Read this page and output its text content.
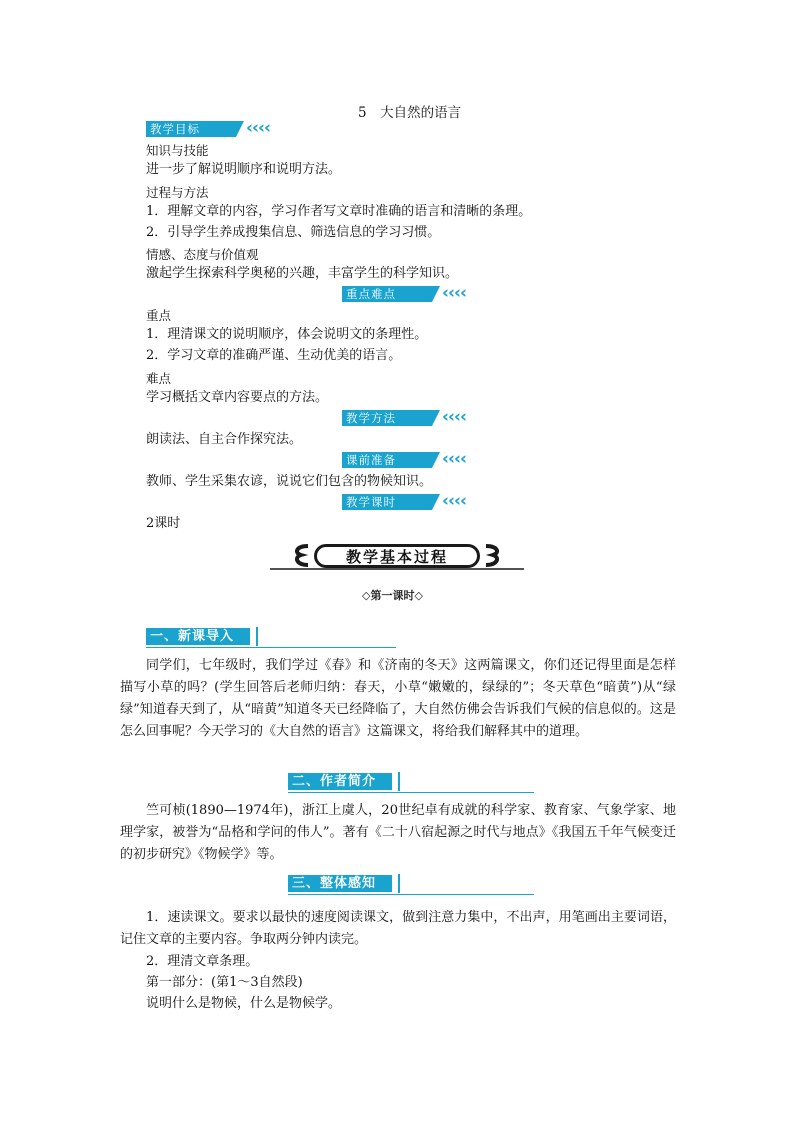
5　大自然的语言
教学目标	‹‹‹‹
知识与技能
进一步了解说明顺序和说明方法。
过程与方法
1．理解文章的内容，学习作者写文章时准确的语言和清晰的条理。
2．引导学生养成搜集信息、筛选信息的学习习惯。
情感、态度与价值观
激起学生探索科学奥秘的兴趣，丰富学生的科学知识。
重点难点	‹‹‹‹
重点
1．理清课文的说明顺序，体会说明文的条理性。
2．学习文章的准确严谨、生动优美的语言。
难点
学习概括文章内容要点的方法。
教学方法	‹‹‹‹
朗读法、自主合作探究法。
课前准备	‹‹‹‹
教师、学生采集农谚，说说它们包含的物候知识。
教学课时	‹‹‹‹
2课时
教学基本过程
◇第一课时◇
一、新课导入
同学们，七年级时，我们学过《春》和《济南的冬天》这两篇课文，你们还记得里面是怎样描写小草的吗？(学生回答后老师归纳：春天，小草“嫩嫩的，绿绿的”；冬天草色“暗黄”)从“绿绿”知道春天到了，从“暗黄”知道冬天已经降临了，大自然仿佛会告诉我们气候的信息似的。这是怎么回事呢？今天学习的《大自然的语言》这篇课文，将给我们解释其中的道理。
二、作者简介
竺可桢(1890—1974年)，浙江上虞人，20世纪卓有成就的科学家、教育家、气象学家、地理学家，被誉为“品格和学问的伟人”。著有《二十八宿起源之时代与地点》《我国五千年气候变迁的初步研究》《物候学》等。
三、整体感知
1．速读课文。要求以最快的速度阅读课文，做到注意力集中，不出声，用笔画出主要词语，记住文章的主要内容。争取两分钟内读完。
2．理清文章条理。
第一部分：(第1～3自然段)
说明什么是物候，什么是物候学。
